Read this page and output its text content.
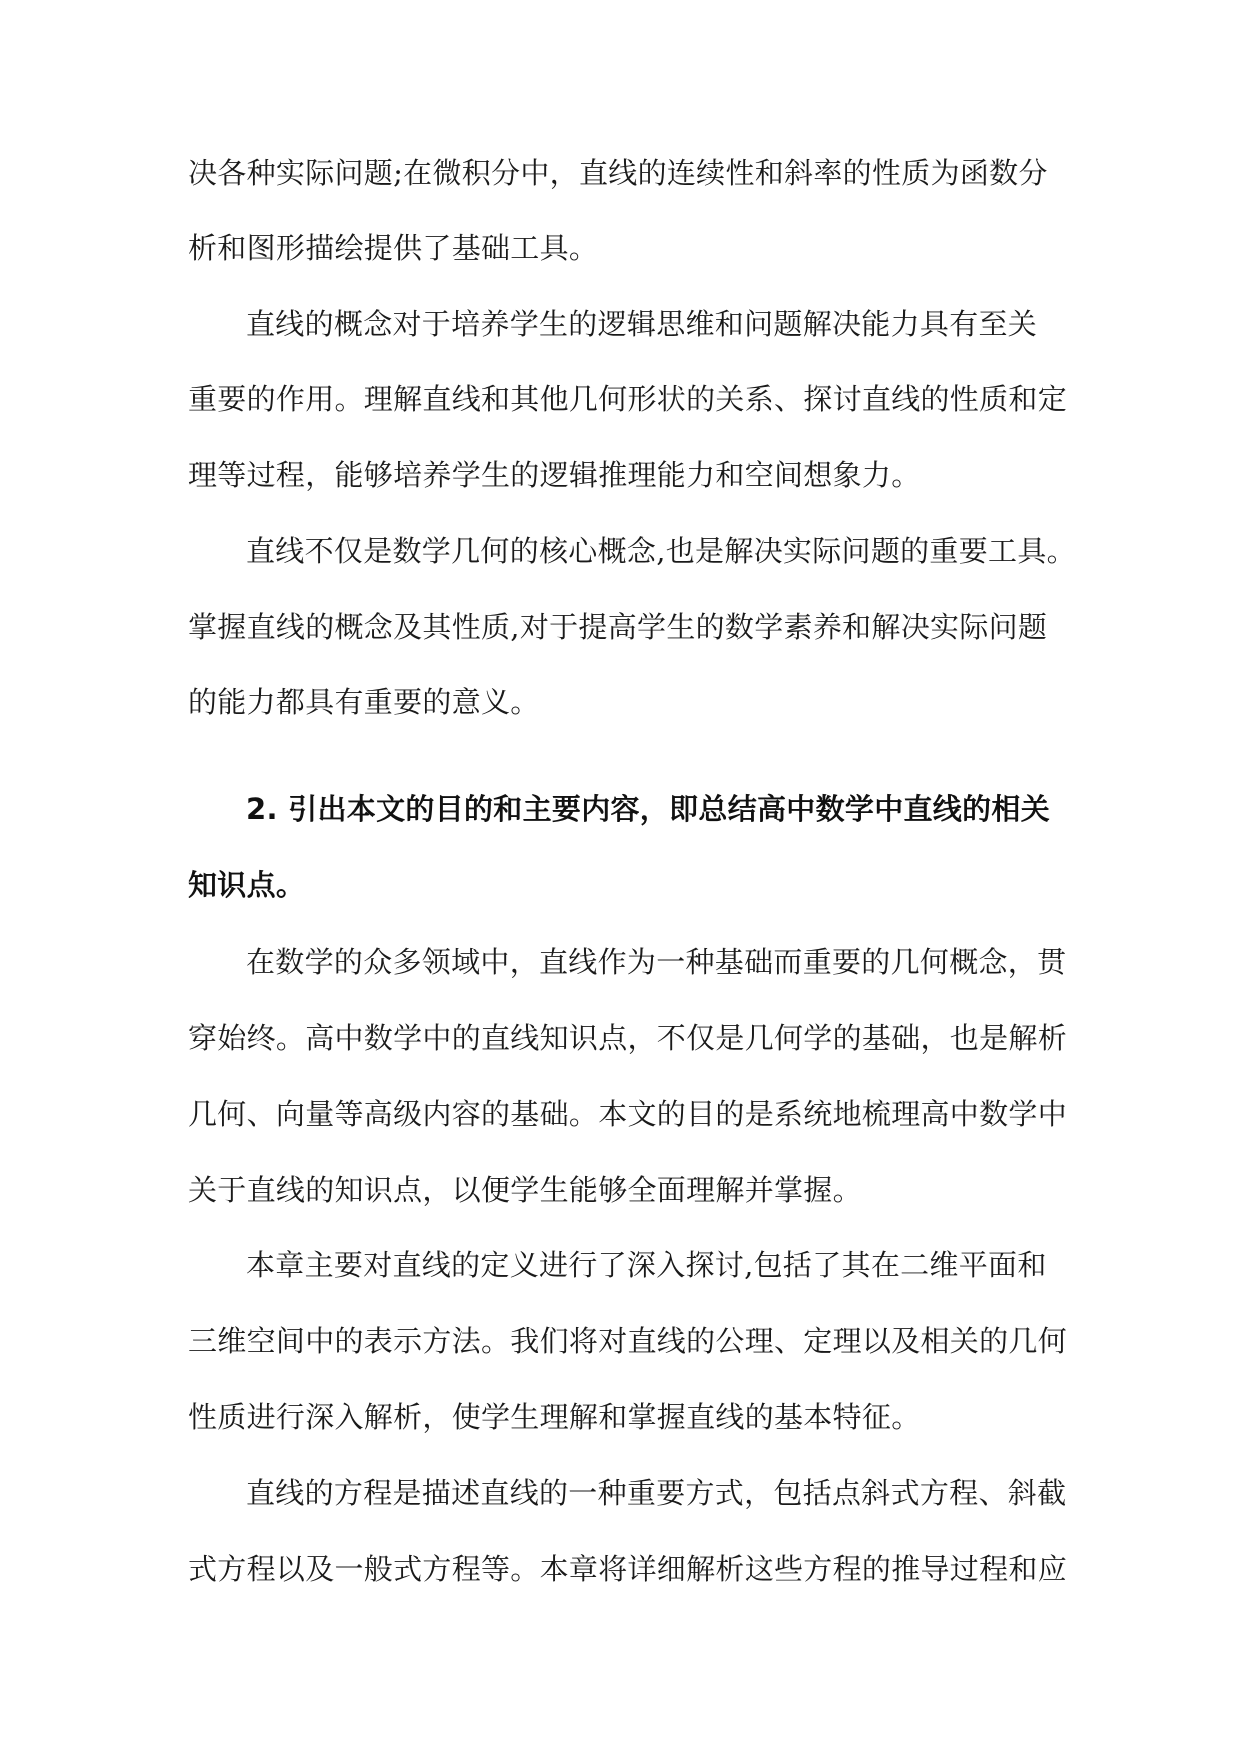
决各种实际问题;在微积分中，直线的连续性和斜率的性质为函数分

析和图形描绘提供了基础工具。

直线的概念对于培养学生的逻辑思维和问题解决能力具有至关

重要的作用。理解直线和其他几何形状的关系、探讨直线的性质和定

理等过程，能够培养学生的逻辑推理能力和空间想象力。

直线不仅是数学几何的核心概念,也是解决实际问题的重要工具。

掌握直线的概念及其性质,对于提高学生的数学素养和解决实际问题

的能力都具有重要的意义。

2. 引出本文的目的和主要内容，即总结高中数学中直线的相关

知识点。

在数学的众多领域中，直线作为一种基础而重要的几何概念，贯

穿始终。高中数学中的直线知识点，不仅是几何学的基础，也是解析

几何、向量等高级内容的基础。本文的目的是系统地梳理高中数学中

关于直线的知识点，以便学生能够全面理解并掌握。

本章主要对直线的定义进行了深入探讨,包括了其在二维平面和

三维空间中的表示方法。我们将对直线的公理、定理以及相关的几何

性质进行深入解析，使学生理解和掌握直线的基本特征。

直线的方程是描述直线的一种重要方式，包括点斜式方程、斜截

式方程以及一般式方程等。本章将详细解析这些方程的推导过程和应
